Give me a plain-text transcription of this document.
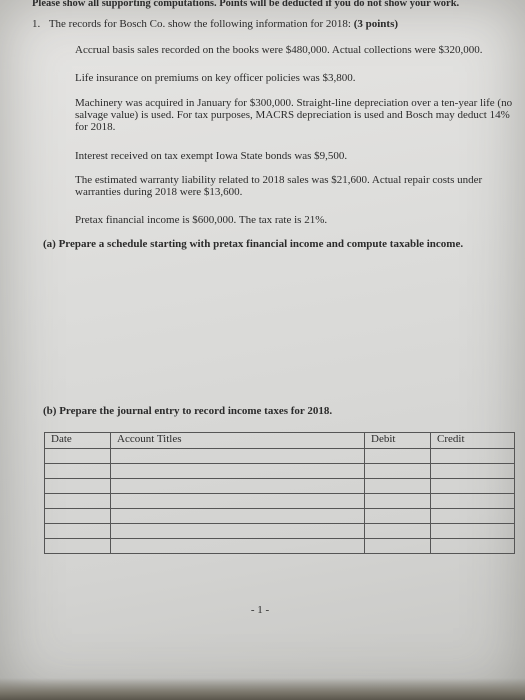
Please show all supporting computations. Points will be deducted if you do not show your work.
1. The records for Bosch Co. show the following information for 2018: (3 points)
Accrual basis sales recorded on the books were $480,000. Actual collections were $320,000.
Life insurance on premiums on key officer policies was $3,800.
Machinery was acquired in January for $300,000. Straight-line depreciation over a ten-year life (no salvage value) is used. For tax purposes, MACRS depreciation is used and Bosch may deduct 14% for 2018.
Interest received on tax exempt Iowa State bonds was $9,500.
The estimated warranty liability related to 2018 sales was $21,600. Actual repair costs under warranties during 2018 were $13,600.
Pretax financial income is $600,000. The tax rate is 21%.
(a) Prepare a schedule starting with pretax financial income and compute taxable income.
(b) Prepare the journal entry to record income taxes for 2018.
Date	Account Titles	Debit	Credit

- 1 -
